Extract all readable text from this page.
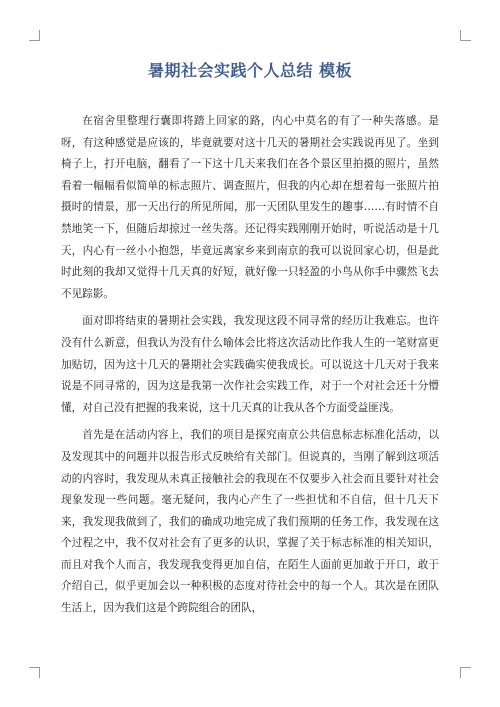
暑期社会实践个人总结 模板

在宿舍里整理行囊即将踏上回家的路，内心中莫名的有了一种失落感。是呀，有这种感觉是应该的，毕竟就要对这十几天的暑期社会实践说再见了。坐到椅子上，打开电脑，翻看了一下这十几天来我们在各个景区里拍摄的照片，虽然看着一幅幅看似简单的标志照片、调查照片，但我的内心却在想着每一张照片拍摄时的情景，那一天出行的所见所闻，那一天团队里发生的趣事……有时情不自禁地笑一下，但随后却掠过一丝失落。还记得实践刚刚开始时，听说活动是十几天，内心有一丝小小抱怨，毕竟远离家乡来到南京的我可以说回家心切，但是此时此刻的我却又觉得十几天真的好短，就好像一只轻盈的小鸟从你手中骤然飞去不见踪影。

面对即将结束的暑期社会实践，我发现这段不同寻常的经历让我难忘。也许没有什么新意，但我认为没有什么喻体会比将这次活动比作我人生的一笔财富更加贴切，因为这十几天的暑期社会实践确实使我成长。可以说这十几天对于我来说是不同寻常的，因为这是我第一次作社会实践工作，对于一个对社会还十分懵懂，对自己没有把握的我来说，这十几天真的让我从各个方面受益匪浅。

首先是在活动内容上，我们的项目是探究南京公共信息标志标准化活动，以及发现其中的问题并以报告形式反映给有关部门。但说真的，当刚了解到这项活动的内容时，我发现从未真正接触社会的我现在不仅要步入社会而且要针对社会现象发现一些问题。毫无疑问，我内心产生了一些担忧和不自信，但十几天下来，我发现我做到了，我们的确成功地完成了我们预期的任务工作，我发现在这个过程之中，我不仅对社会有了更多的认识，掌握了关于标志标准的相关知识，而且对我个人而言，我发现我变得更加自信，在陌生人面前更加敢于开口，敢于介绍自己，似乎更加会以一种积极的态度对待社会中的每一个人。其次是在团队生活上，因为我们这是个跨院组合的团队，
